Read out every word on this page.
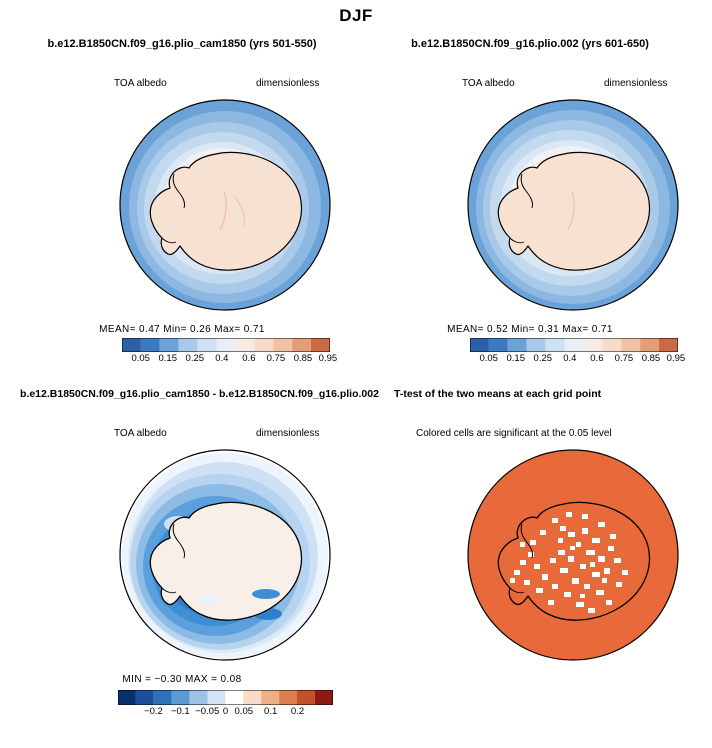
DJF
b.e12.B1850CN.f09_g16.plio_cam1850 (yrs 501-550)
TOA albedo	dimensionless
MEAN= 0.47 Min= 0.26 Max= 0.71
0.05 0.15 0.25 0.4 0.6 0.75 0.85 0.95
b.e12.B1850CN.f09_g16.plio.002 (yrs 601-650)
TOA albedo	dimensionless
MEAN= 0.52 Min= 0.31 Max= 0.71
0.05 0.15 0.25 0.4 0.6 0.75 0.85 0.95
b.e12.B1850CN.f09_g16.plio_cam1850 - b.e12.B1850CN.f09_g16.plio.002
TOA albedo	dimensionless
MIN = −0.30 MAX = 0.08
−0.2 −0.1 −0.05 0 0.05 0.1 0.2
T-test of the two means at each grid point
Colored cells are significant at the 0.05 level
